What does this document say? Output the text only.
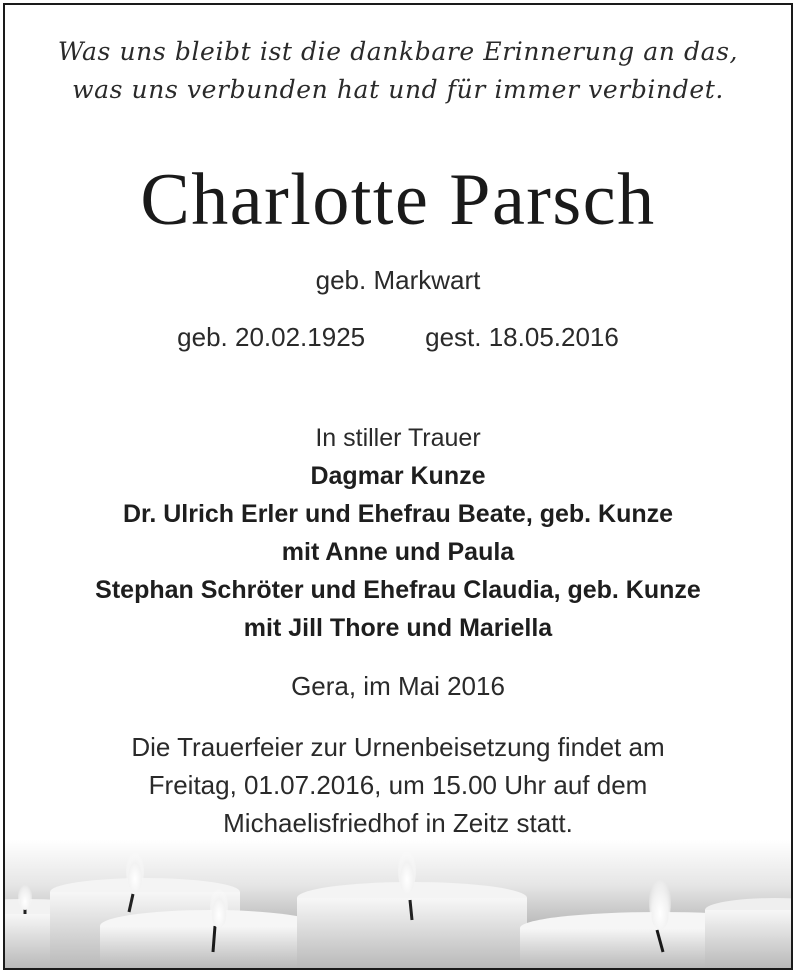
Was uns bleibt ist die dankbare Erinnerung an das,
was uns verbunden hat und für immer verbindet.
Charlotte Parsch
geb. Markwart
geb. 20.02.1925 gest. 18.05.2016
In stiller Trauer
Dagmar Kunze
Dr. Ulrich Erler und Ehefrau Beate, geb. Kunze
mit Anne und Paula
Stephan Schröter und Ehefrau Claudia, geb. Kunze
mit Jill Thore und Mariella
Gera, im Mai 2016
Die Trauerfeier zur Urnenbeisetzung findet am
Freitag, 01.07.2016, um 15.00 Uhr auf dem
Michaelisfriedhof in Zeitz statt.
